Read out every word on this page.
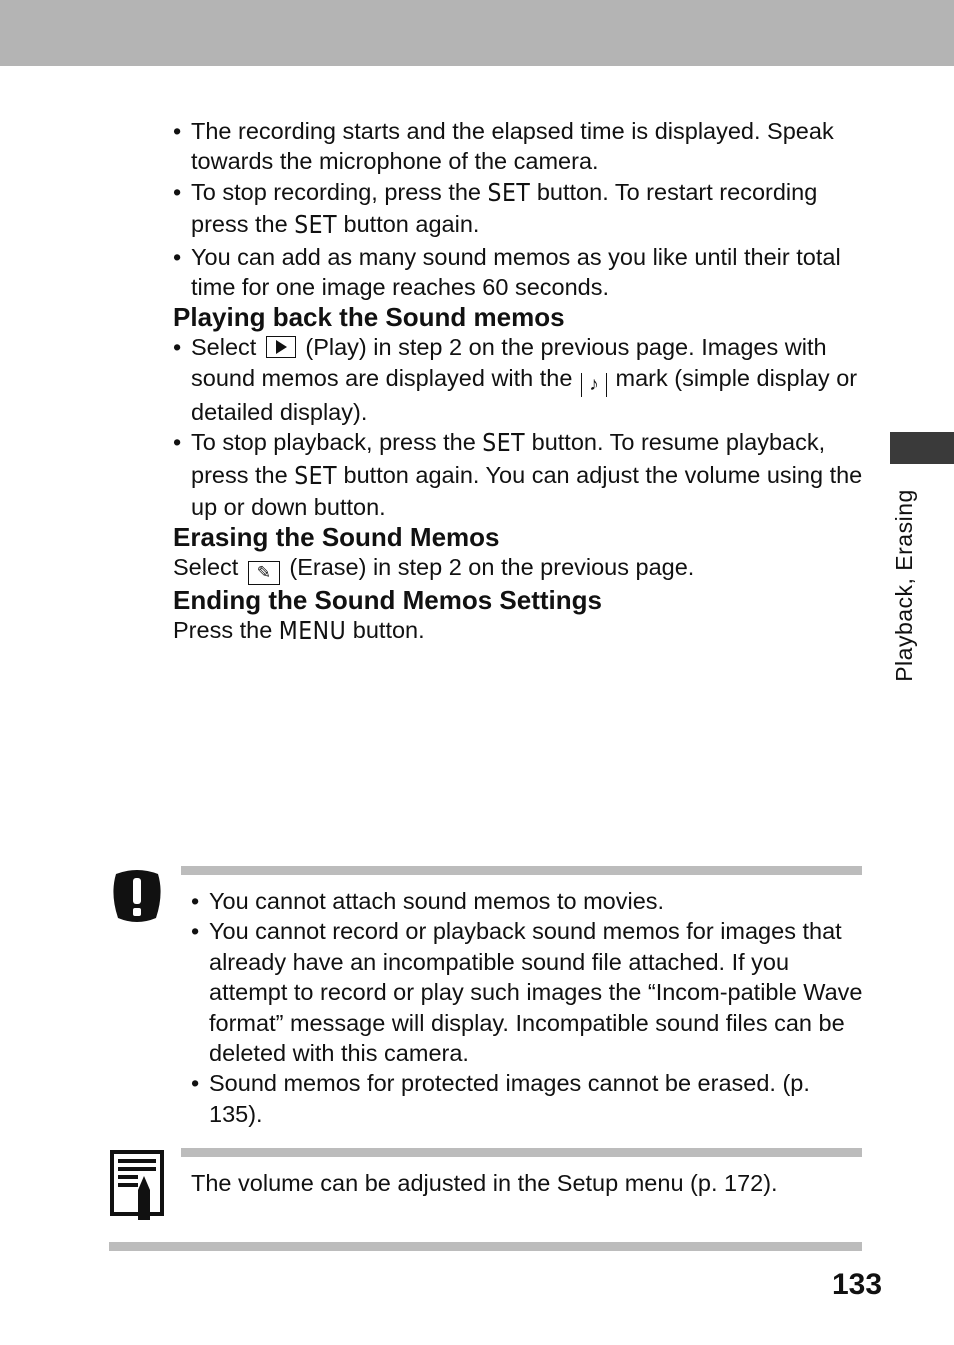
Playback, Erasing
• The recording starts and the elapsed time is displayed. Speak towards the microphone of the camera.
• To stop recording, press the SET button. To restart recording press the SET button again.
• You can add as many sound memos as you like until their total time for one image reaches 60 seconds.
Playing back the Sound memos
• Select  (Play) in step 2 on the previous page. Images with sound memos are displayed with the ♪ mark (simple display or detailed display).
• To stop playback, press the SET button. To resume playback, press the SET button again. You can adjust the volume using the up or down button.
Erasing the Sound Memos

Select ✎ (Erase) in step 2 on the previous page.

Ending the Sound Memos Settings

Press the MENU button.

• You cannot attach sound memos to movies.
• You cannot record or playback sound memos for images that already have an incompatible sound file attached. If you attempt to record or play such images the “Incom-patible Wave format” message will display. Incompatible sound files can be deleted with this camera.
• Sound memos for protected images cannot be erased. (p. 135).
The volume can be adjusted in the Setup menu (p. 172).
133
